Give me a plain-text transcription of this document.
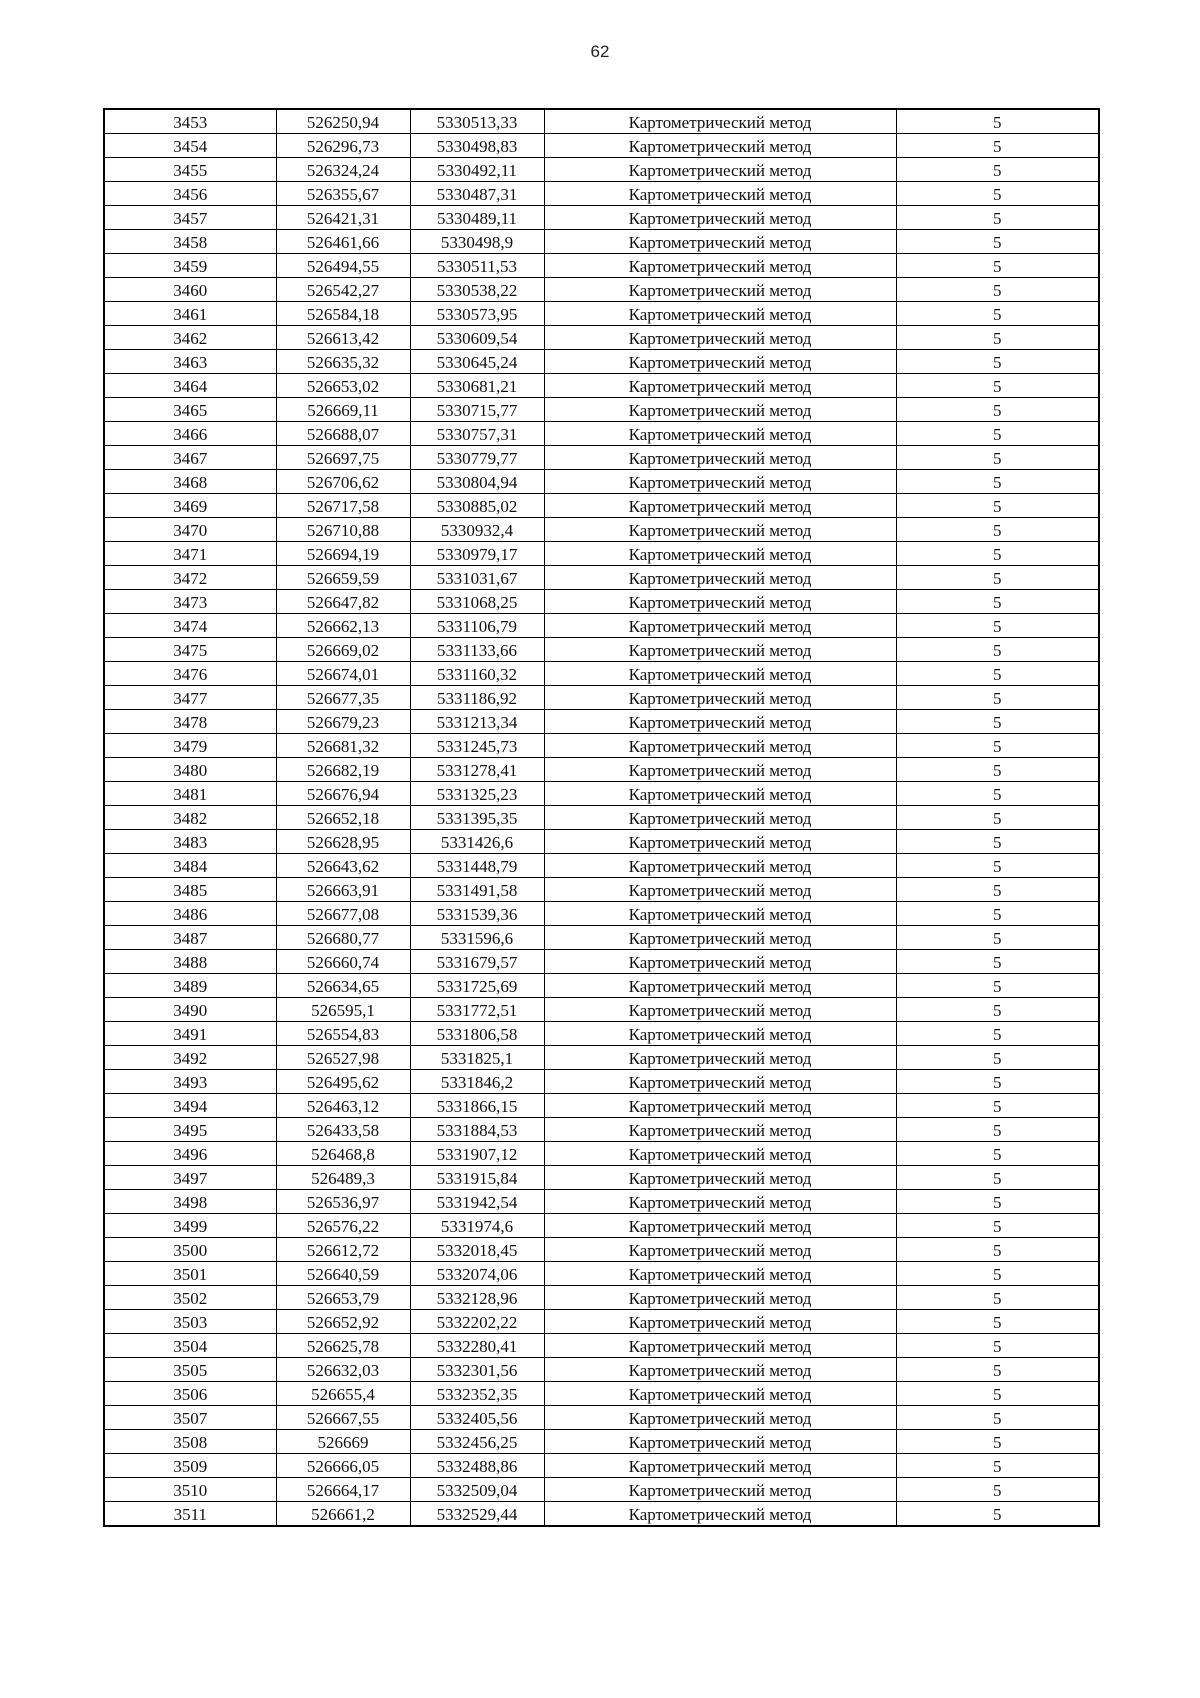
62
3453	526250,94	5330513,33	Картометрический метод	5
3454	526296,73	5330498,83	Картометрический метод	5
3455	526324,24	5330492,11	Картометрический метод	5
3456	526355,67	5330487,31	Картометрический метод	5
3457	526421,31	5330489,11	Картометрический метод	5
3458	526461,66	5330498,9	Картометрический метод	5
3459	526494,55	5330511,53	Картометрический метод	5
3460	526542,27	5330538,22	Картометрический метод	5
3461	526584,18	5330573,95	Картометрический метод	5
3462	526613,42	5330609,54	Картометрический метод	5
3463	526635,32	5330645,24	Картометрический метод	5
3464	526653,02	5330681,21	Картометрический метод	5
3465	526669,11	5330715,77	Картометрический метод	5
3466	526688,07	5330757,31	Картометрический метод	5
3467	526697,75	5330779,77	Картометрический метод	5
3468	526706,62	5330804,94	Картометрический метод	5
3469	526717,58	5330885,02	Картометрический метод	5
3470	526710,88	5330932,4	Картометрический метод	5
3471	526694,19	5330979,17	Картометрический метод	5
3472	526659,59	5331031,67	Картометрический метод	5
3473	526647,82	5331068,25	Картометрический метод	5
3474	526662,13	5331106,79	Картометрический метод	5
3475	526669,02	5331133,66	Картометрический метод	5
3476	526674,01	5331160,32	Картометрический метод	5
3477	526677,35	5331186,92	Картометрический метод	5
3478	526679,23	5331213,34	Картометрический метод	5
3479	526681,32	5331245,73	Картометрический метод	5
3480	526682,19	5331278,41	Картометрический метод	5
3481	526676,94	5331325,23	Картометрический метод	5
3482	526652,18	5331395,35	Картометрический метод	5
3483	526628,95	5331426,6	Картометрический метод	5
3484	526643,62	5331448,79	Картометрический метод	5
3485	526663,91	5331491,58	Картометрический метод	5
3486	526677,08	5331539,36	Картометрический метод	5
3487	526680,77	5331596,6	Картометрический метод	5
3488	526660,74	5331679,57	Картометрический метод	5
3489	526634,65	5331725,69	Картометрический метод	5
3490	526595,1	5331772,51	Картометрический метод	5
3491	526554,83	5331806,58	Картометрический метод	5
3492	526527,98	5331825,1	Картометрический метод	5
3493	526495,62	5331846,2	Картометрический метод	5
3494	526463,12	5331866,15	Картометрический метод	5
3495	526433,58	5331884,53	Картометрический метод	5
3496	526468,8	5331907,12	Картометрический метод	5
3497	526489,3	5331915,84	Картометрический метод	5
3498	526536,97	5331942,54	Картометрический метод	5
3499	526576,22	5331974,6	Картометрический метод	5
3500	526612,72	5332018,45	Картометрический метод	5
3501	526640,59	5332074,06	Картометрический метод	5
3502	526653,79	5332128,96	Картометрический метод	5
3503	526652,92	5332202,22	Картометрический метод	5
3504	526625,78	5332280,41	Картометрический метод	5
3505	526632,03	5332301,56	Картометрический метод	5
3506	526655,4	5332352,35	Картометрический метод	5
3507	526667,55	5332405,56	Картометрический метод	5
3508	526669	5332456,25	Картометрический метод	5
3509	526666,05	5332488,86	Картометрический метод	5
3510	526664,17	5332509,04	Картометрический метод	5
3511	526661,2	5332529,44	Картометрический метод	5
